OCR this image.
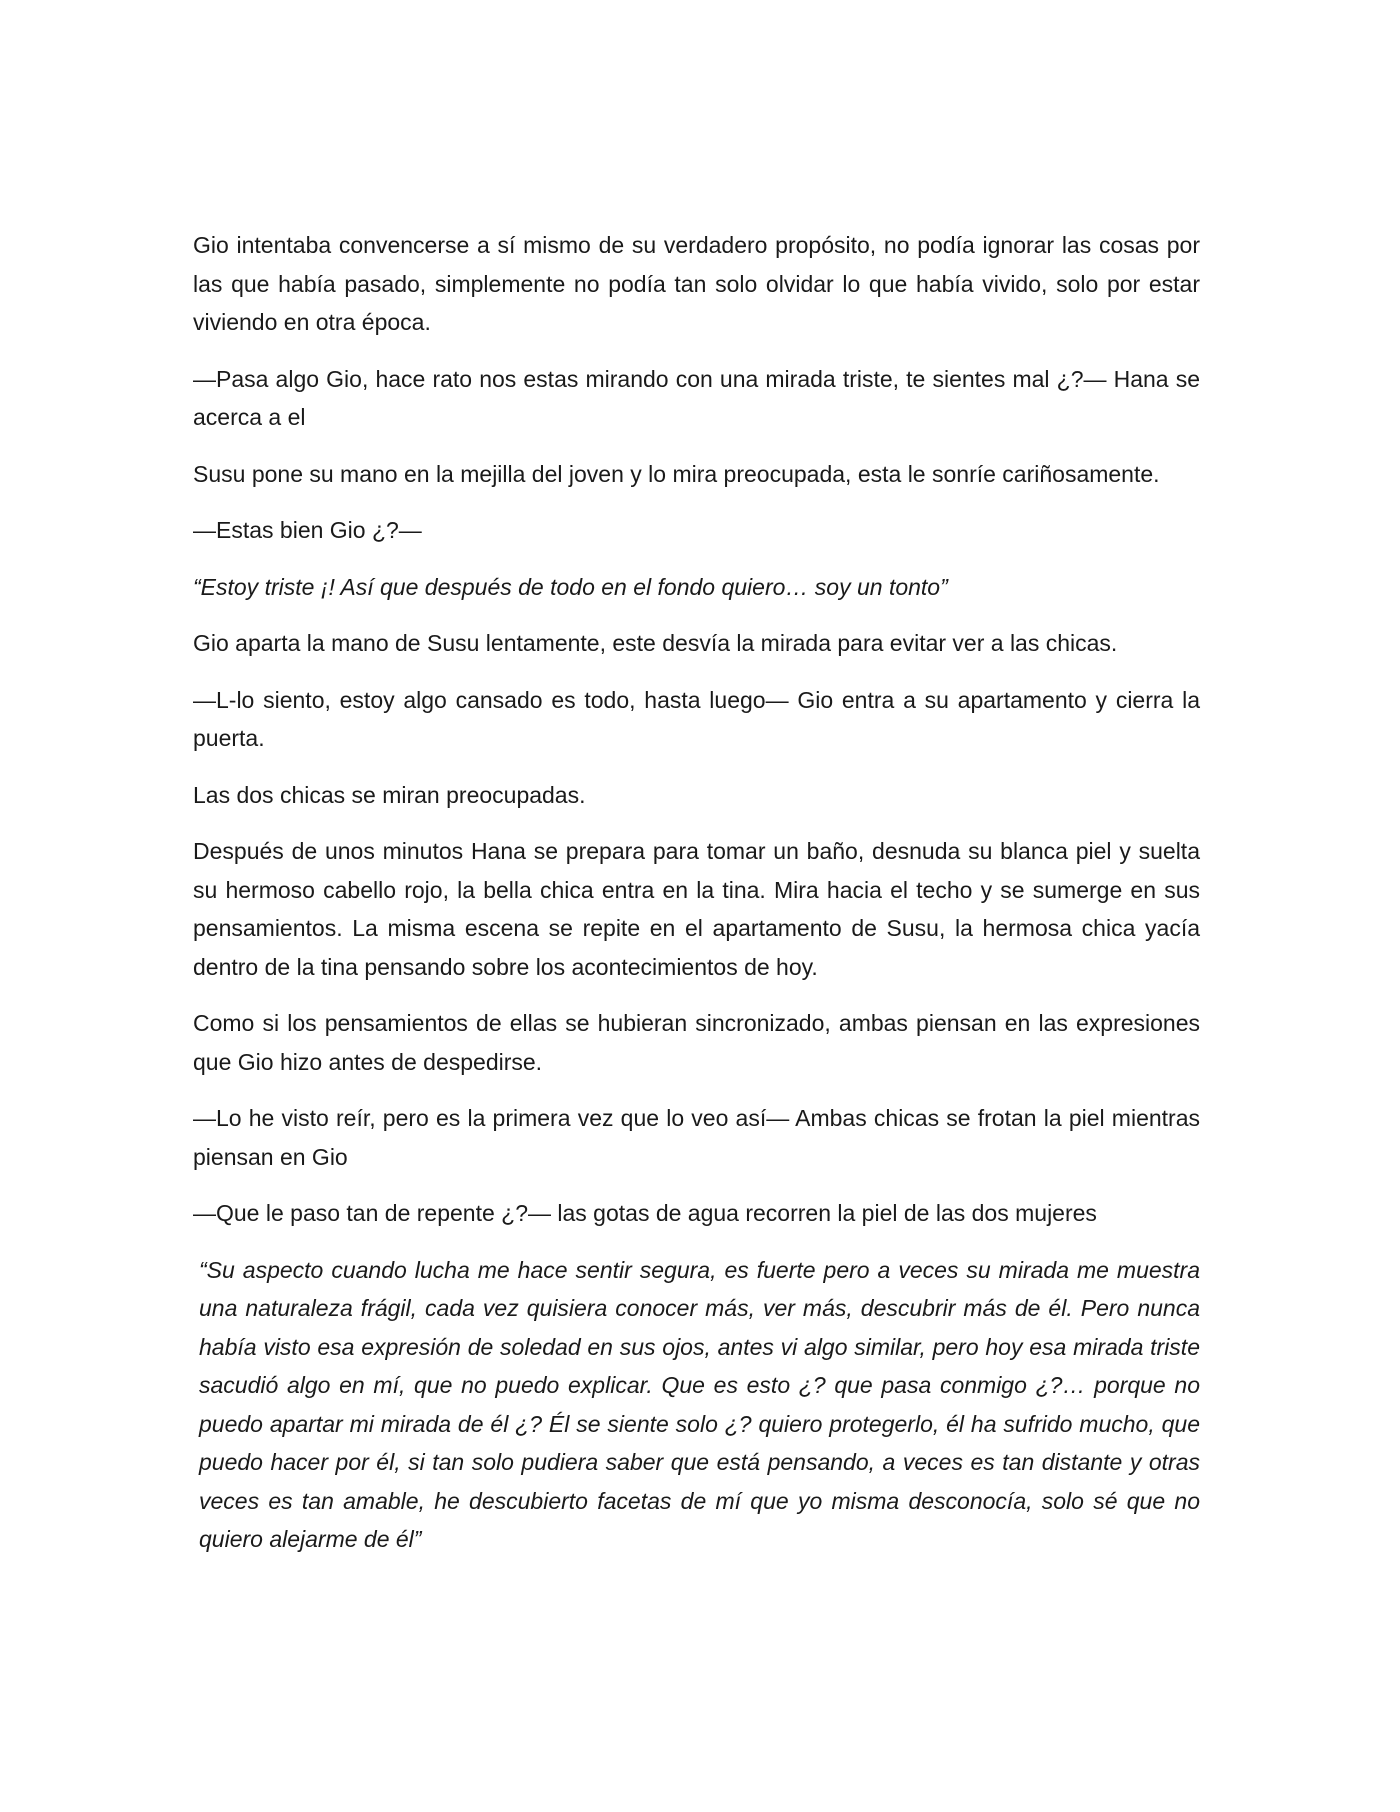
Gio intentaba convencerse a sí mismo de su verdadero propósito, no podía ignorar las cosas por las que había pasado, simplemente no podía tan solo olvidar lo que había vivido, solo por estar viviendo en otra época.

—Pasa algo Gio, hace rato nos estas mirando con una mirada triste, te sientes mal ¿?— Hana se acerca a el

Susu pone su mano en la mejilla del joven y lo mira preocupada, esta le sonríe cariñosamente.

—Estas bien Gio ¿?—

“Estoy triste ¡! Así que después de todo en el fondo quiero… soy un tonto”

Gio aparta la mano de Susu lentamente, este desvía la mirada para evitar ver a las chicas.

—L-lo siento, estoy algo cansado es todo, hasta luego— Gio entra a su apartamento y cierra la puerta.

Las dos chicas se miran preocupadas.

Después de unos minutos Hana se prepara para tomar un baño, desnuda su blanca piel y suelta su hermoso cabello rojo, la bella chica entra en la tina. Mira hacia el techo y se sumerge en sus pensamientos. La misma escena se repite en el apartamento de Susu, la hermosa chica yacía dentro de la tina pensando sobre los acontecimientos de hoy.

Como si los pensamientos de ellas se hubieran sincronizado, ambas piensan en las expresiones que Gio hizo antes de despedirse.

—Lo he visto reír, pero es la primera vez que lo veo así— Ambas chicas se frotan la piel mientras piensan en Gio

—Que le paso tan de repente ¿?— las gotas de agua recorren la piel de las dos mujeres

“Su aspecto cuando lucha me hace sentir segura, es fuerte pero a veces su mirada me muestra una naturaleza frágil, cada vez quisiera conocer más, ver más, descubrir más de él. Pero nunca había visto esa expresión de soledad en sus ojos, antes vi algo similar, pero hoy esa mirada triste sacudió algo en mí, que no puedo explicar. Que es esto ¿? que pasa conmigo ¿?… porque no puedo apartar mi mirada de él ¿? Él se siente solo ¿? quiero protegerlo, él ha sufrido mucho, que puedo hacer por él, si tan solo pudiera saber que está pensando, a veces es tan distante y otras veces es tan amable, he descubierto facetas de mí que yo misma desconocía, solo sé que no quiero alejarme de él”
